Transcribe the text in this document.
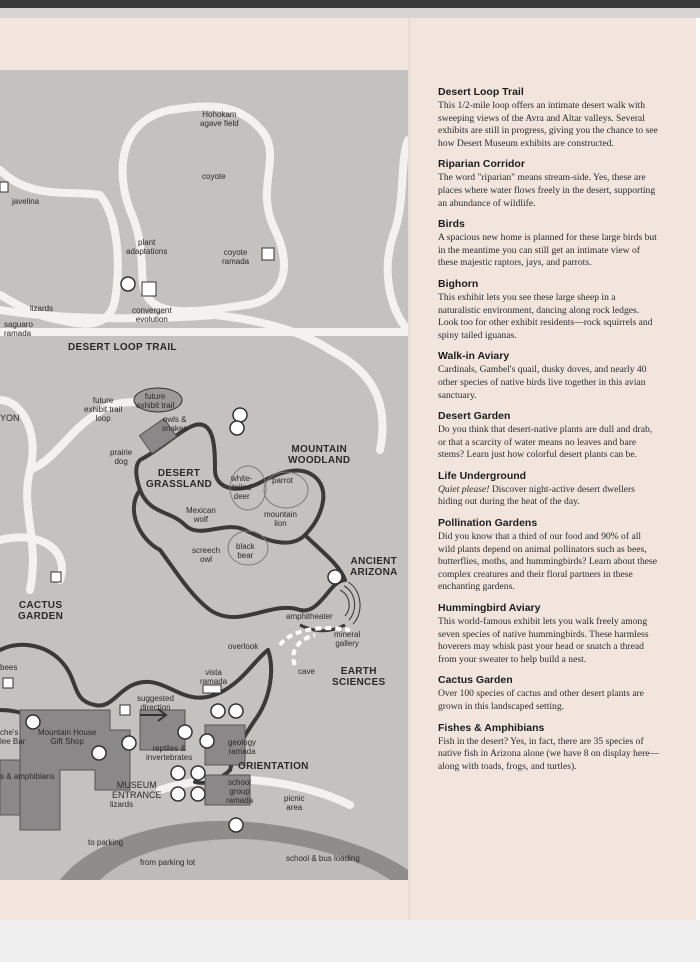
Hohokam
agave field
coyote
javelina
plant
adaptations	coyote
ramada
convergent
evolution
lizards
saguaro
ramada
DESERT LOOP TRAIL
YON
future
exhibit trail
loop
future
exhibit trail
owls &
snakes
prairie
dog
DESERT
GRASSLAND
MOUNTAIN
WOODLAND
white-
tailed
deer
parrot
Mexican
wolf
mountain
lion
screech
owl
black
bear
ANCIENT
ARIZONA
CACTUS
GARDEN	amphitheater
mineral
gallery
overlook
cave	EARTH
SCIENCES
bees
vista
ramada
suggested
direction
Mountain House
Gift Shop
che's
lee Bar
s & amphibians
reptiles &
invertebrates
geology
ramada
ORIENTATION
MUSEUM
ENTRANCE
lizards
school
group
ramada	picnic
area
to parking
from parking lot	school & bus loading
Desert Loop Trail

This 1/2-mile loop offers an intimate desert walk with sweeping views of the Avra and Altar valleys. Several exhibits are still in progress, giving you the chance to see how Desert Museum exhibits are constructed.

Riparian Corridor

The word "riparian" means stream-side. Yes, these are places where water flows freely in the desert, supporting an abundance of wildlife.

Birds

A spacious new home is planned for these large birds but in the meantime you can still get an intimate view of these majestic raptors, jays, and parrots.

Bighorn

This exhibit lets you see these large sheep in a naturalistic environment, dancing along rock ledges. Look too for other exhibit residents—rock squirrels and spiny tailed iguanas.

Walk-in Aviary

Cardinals, Gambel's quail, dusky doves, and nearly 40 other species of native birds live together in this avian sanctuary.

Desert Garden

Do you think that desert-native plants are dull and drab, or that a scarcity of water means no leaves and bare stems? Learn just how colorful desert plants can be.

Life Underground

Quiet please! Discover night-active desert dwellers hiding out during the heat of the day.

Pollination Gardens

Did you know that a third of our food and 90% of all wild plants depend on animal pollinators such as bees, butterflies, moths, and hummingbirds? Learn about these complex creatures and their floral partners in these enchanting gardens.

Hummingbird Aviary

This world-famous exhibit lets you walk freely among seven species of native hummingbirds. These harmless hoverers may whisk past your head or snatch a thread from your sweater to help build a nest.

Cactus Garden

Over 100 species of cactus and other desert plants are grown in this landscaped setting.

Fishes & Amphibians

Fish in the desert? Yes, in fact, there are 35 species of native fish in Arizona alone (we have 8 on display here—along with toads, frogs, and turtles).
